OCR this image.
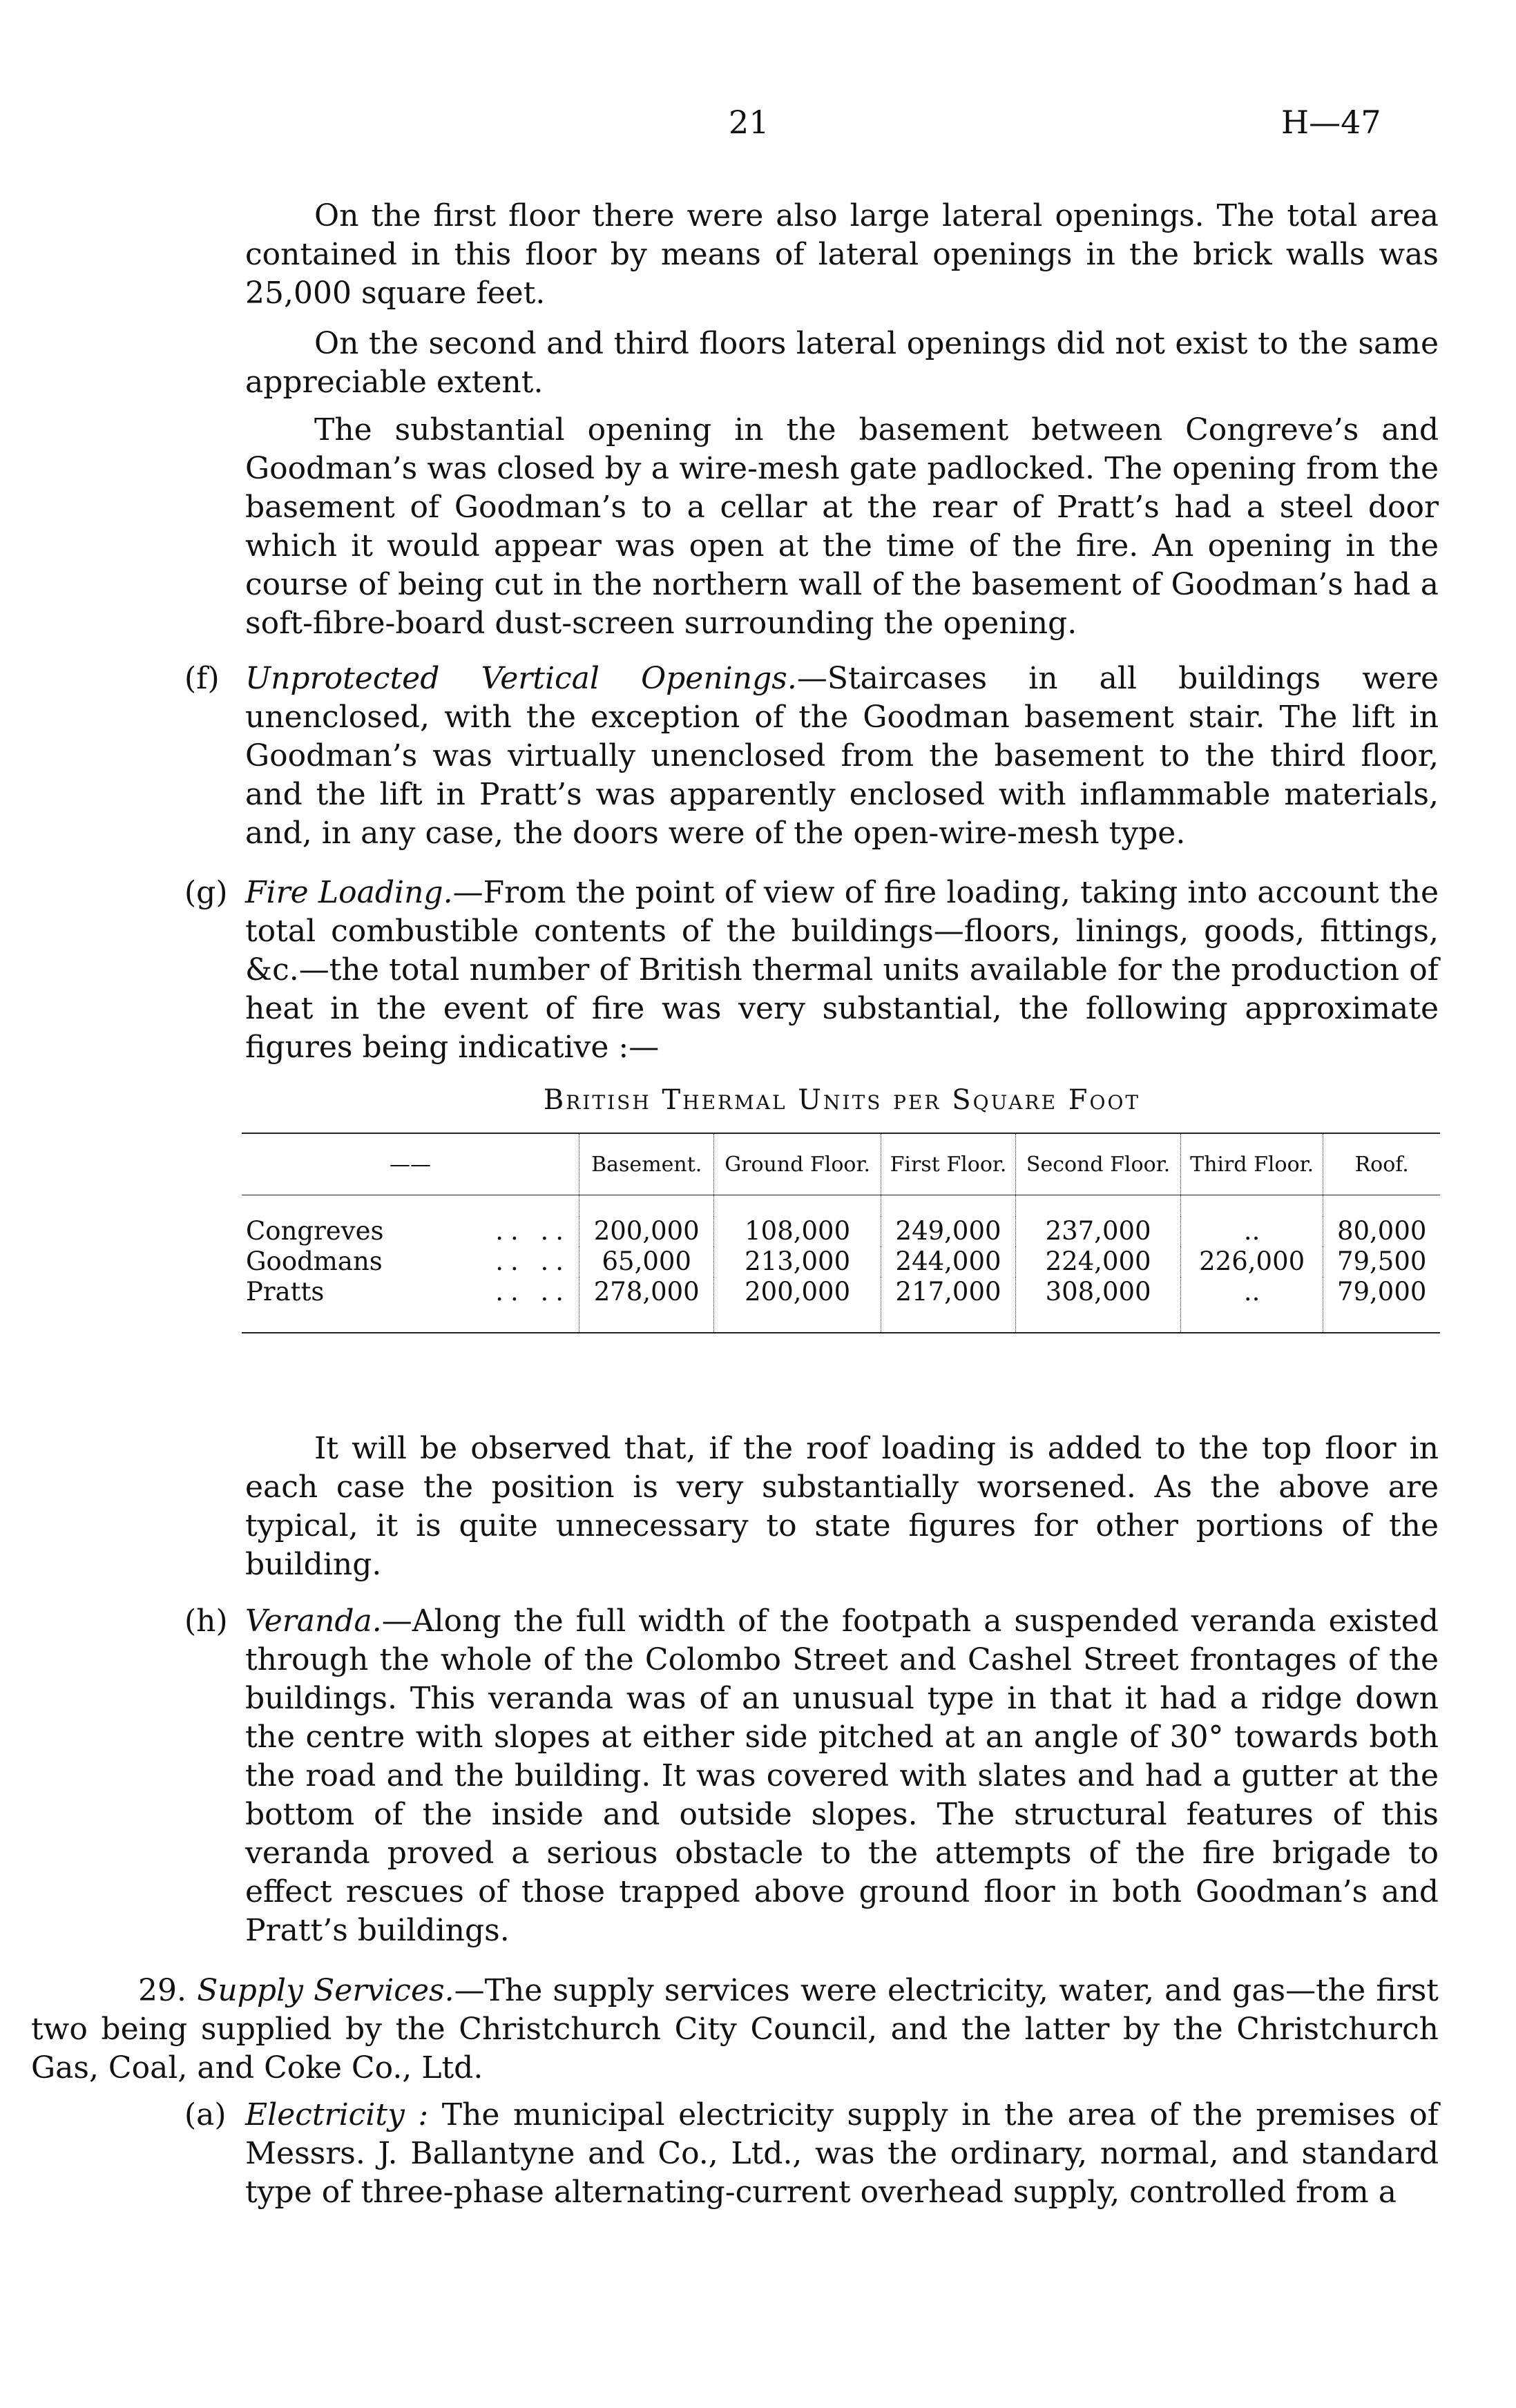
21	H—47

On the first floor there were also large lateral openings. The total area contained in this floor by means of lateral openings in the brick walls was 25,000 square feet.

On the second and third floors lateral openings did not exist to the same appreciable extent.

The substantial opening in the basement between Congreve’s and Goodman’s was closed by a wire-mesh gate padlocked. The opening from the basement of Goodman’s to a cellar at the rear of Pratt’s had a steel door which it would appear was open at the time of the fire. An opening in the course of being cut in the northern wall of the basement of Goodman’s had a soft-fibre-board dust-screen surrounding the opening.

(f) Unprotected Vertical Openings.—Staircases in all buildings were unenclosed, with the exception of the Goodman basement stair. The lift in Goodman’s was virtually unenclosed from the basement to the third floor, and the lift in Pratt’s was apparently enclosed with inflammable materials, and, in any case, the doors were of the open-wire-mesh type.

(g) Fire Loading.—From the point of view of fire loading, taking into account the total combustible contents of the buildings—floors, linings, goods, fittings, &c.—the total number of British thermal units available for the production of heat in the event of fire was very substantial, the following approximate figures being indicative :—

British Thermal Units per Square Foot
——	Basement.	Ground Floor.	First Floor.	Second Floor.	Third Floor.	Roof.

Congreves .. ..	200,000	108,000	249,000	237,000	..	80,000
Goodmans .. ..	65,000	213,000	244,000	224,000	226,000	79,500
Pratts .. ..	278,000	200,000	217,000	308,000	..	79,000

It will be observed that, if the roof loading is added to the top floor in each case the position is very substantially worsened. As the above are typical, it is quite unnecessary to state figures for other portions of the building.

(h) Veranda.—Along the full width of the footpath a suspended veranda existed through the whole of the Colombo Street and Cashel Street frontages of the buildings. This veranda was of an unusual type in that it had a ridge down the centre with slopes at either side pitched at an angle of 30° towards both the road and the building. It was covered with slates and had a gutter at the bottom of the inside and outside slopes. The structural features of this veranda proved a serious obstacle to the attempts of the fire brigade to effect rescues of those trapped above ground floor in both Goodman’s and Pratt’s buildings.

29. Supply Services.—The supply services were electricity, water, and gas—the first two being supplied by the Christchurch City Council, and the latter by the Christchurch Gas, Coal, and Coke Co., Ltd.

(a) Electricity : The municipal electricity supply in the area of the premises of Messrs. J. Ballantyne and Co., Ltd., was the ordinary, normal, and standard type of three-phase alternating-current overhead supply, controlled from a
